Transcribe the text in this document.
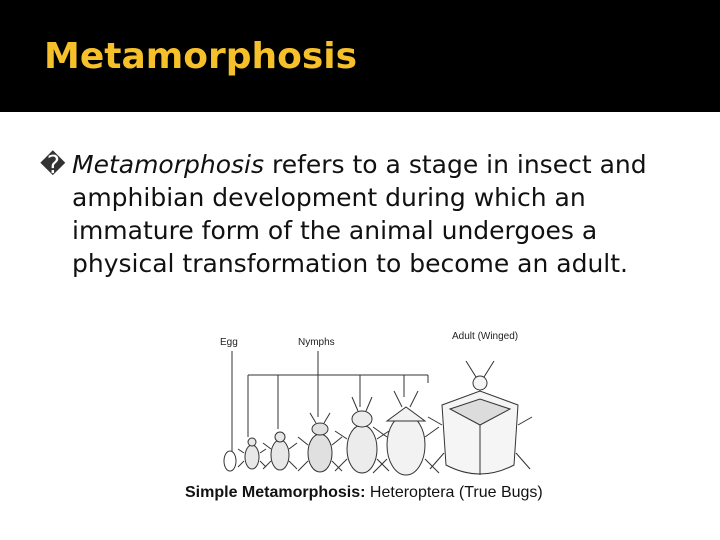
Metamorphosis
� Metamorphosis refers to a stage in insect and
amphibian development during which an
immature form of the animal undergoes a
physical transformation to become an adult.
Egg	Nymphs
Adult (Winged)
Simple Metamorphosis: Heteroptera (True Bugs)
